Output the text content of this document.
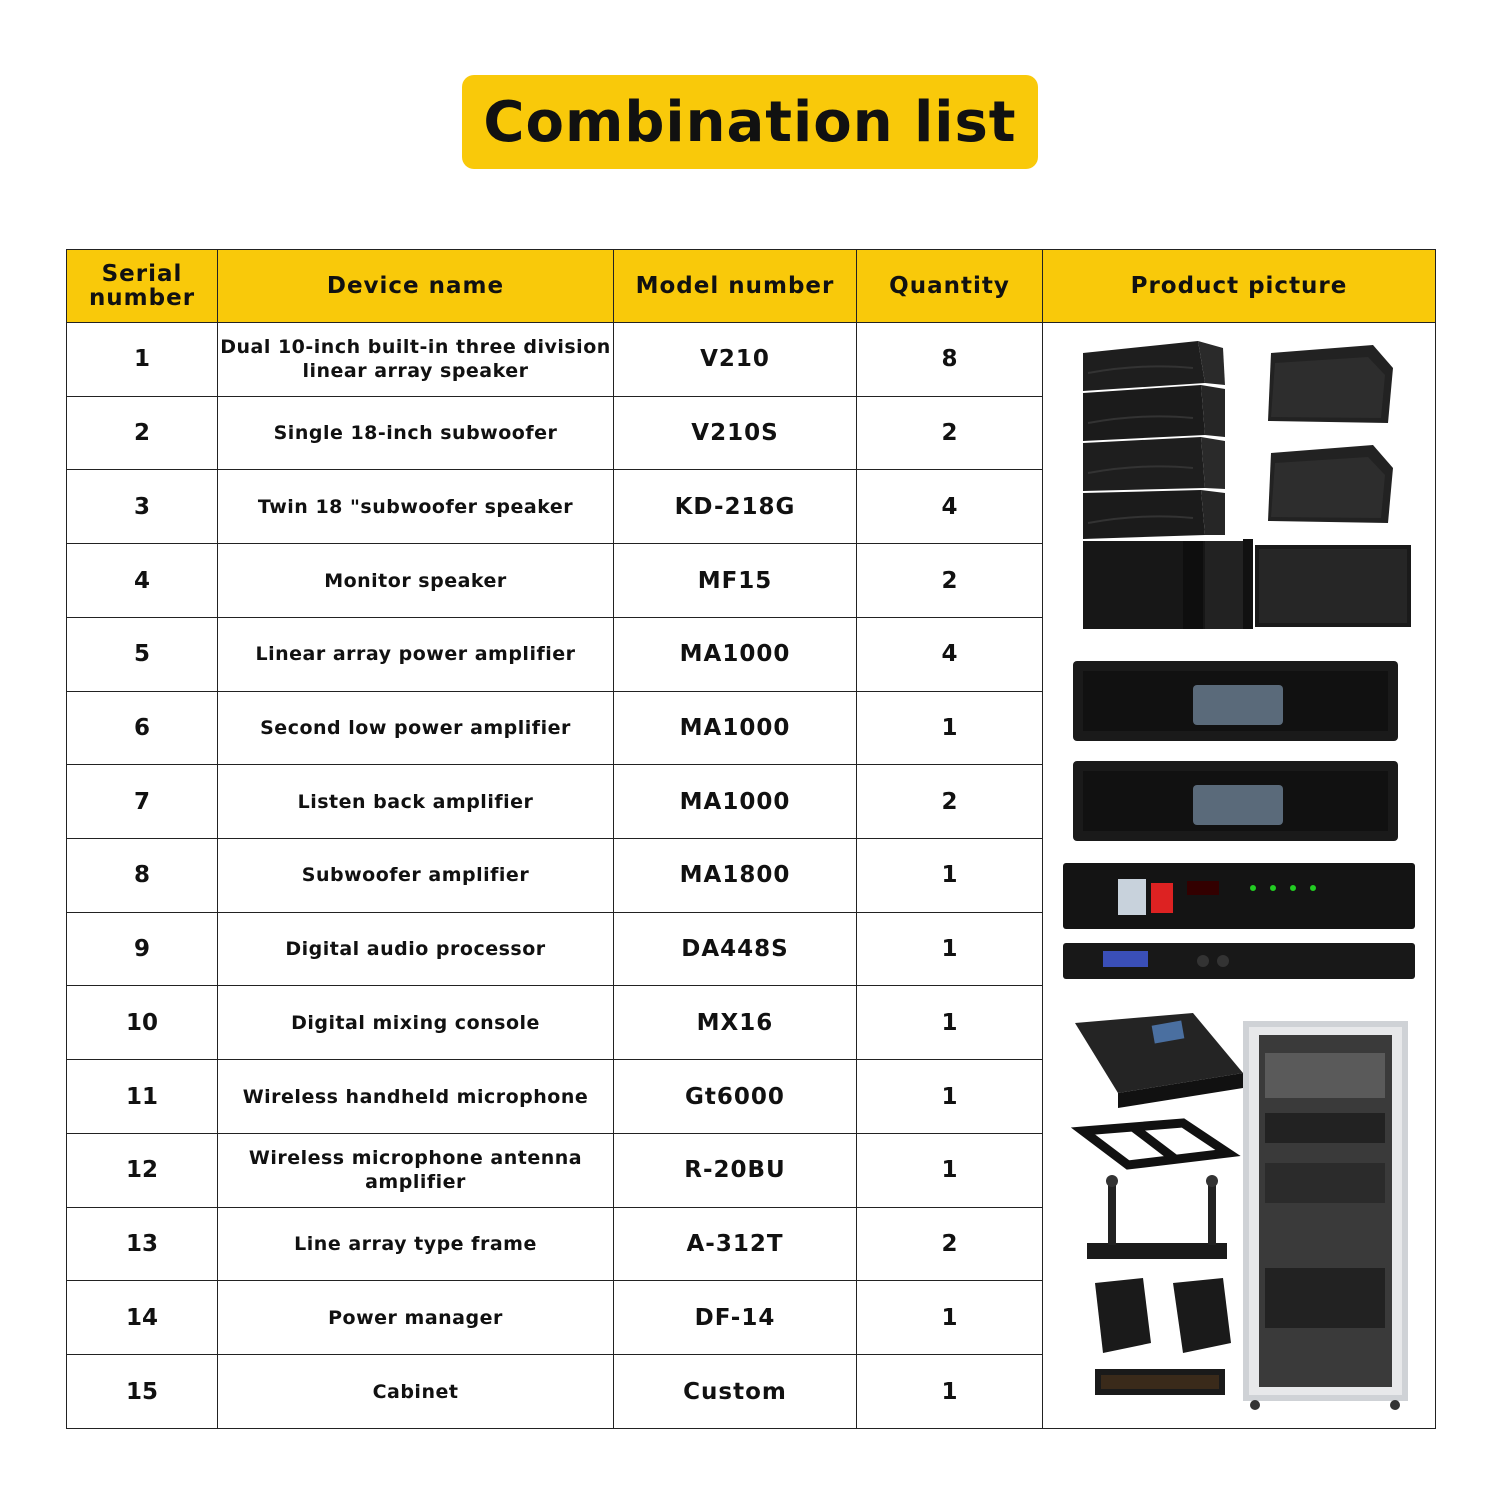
Combination list
Serial number	Device name	Model number	Quantity	Product picture
1	Dual 10-inch built-in three division linear array speaker	V210	8	

2	Single 18-inch subwoofer	V210S	2	
3	Twin 18 "subwoofer speaker	KD-218G	4	
4	Monitor speaker	MF15	2	
5	Linear array power amplifier	MA1000	4	
6	Second low power amplifier	MA1000	1	
7	Listen back amplifier	MA1000	2	
8	Subwoofer amplifier	MA1800	1	
9	Digital audio processor	DA448S	1	
10	Digital mixing console	MX16	1	
11	Wireless handheld microphone	Gt6000	1	
12	Wireless microphone antenna amplifier	R-20BU	1	
13	Line array type frame	A-312T	2	
14	Power manager	DF-14	1	
15	Cabinet	Custom	1	
